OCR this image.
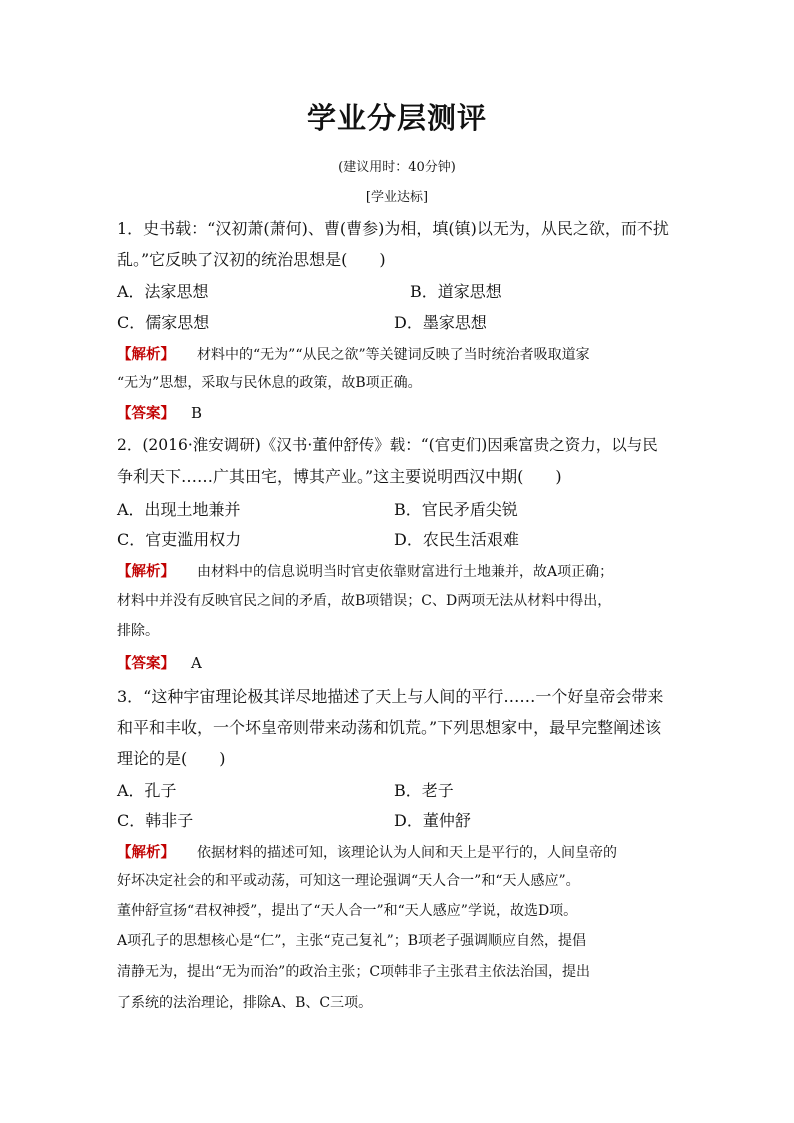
学业分层测评
(建议用时：40分钟)
[学业达标]
1．史书载：“汉初萧(萧何)、曹(曹参)为相，填(镇)以无为，从民之欲，而不扰
乱。”它反映了汉初的统治思想是(　　)
A．法家思想	B．道家思想
C．儒家思想	D．墨家思想
【解析】 材料中的“无为”“从民之欲”等关键词反映了当时统治者吸取道家
“无为”思想，采取与民休息的政策，故B项正确。
【答案】 B
2．(2016·淮安调研)《汉书·董仲舒传》载：“(官吏们)因乘富贵之资力，以与民
争利天下……广其田宅，博其产业。”这主要说明西汉中期(　　)
A．出现土地兼并	B．官民矛盾尖锐
C．官吏滥用权力	D．农民生活艰难
【解析】 由材料中的信息说明当时官吏依靠财富进行土地兼并，故A项正确；
材料中并没有反映官民之间的矛盾，故B项错误；C、D两项无法从材料中得出，
排除。
【答案】 A
3．“这种宇宙理论极其详尽地描述了天上与人间的平行……一个好皇帝会带来
和平和丰收，一个坏皇帝则带来动荡和饥荒。”下列思想家中，最早完整阐述该
理论的是(　　)
A．孔子	B．老子
C．韩非子	D．董仲舒
【解析】 依据材料的描述可知，该理论认为人间和天上是平行的，人间皇帝的
好坏决定社会的和平或动荡，可知这一理论强调“天人合一”和“天人感应”。
董仲舒宣扬“君权神授”，提出了“天人合一”和“天人感应”学说，故选D项。
A项孔子的思想核心是“仁”，主张“克己复礼”；B项老子强调顺应自然，提倡
清静无为，提出“无为而治”的政治主张；C项韩非子主张君主依法治国，提出
了系统的法治理论，排除A、B、C三项。
